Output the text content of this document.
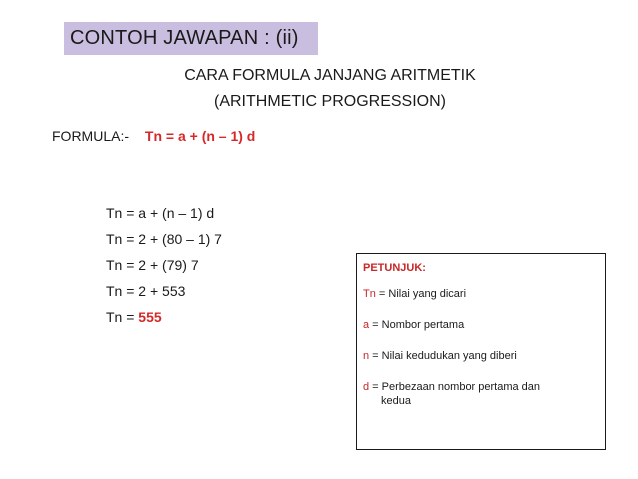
CONTOH JAWAPAN : (ii)
CARA FORMULA JANJANG ARITMETIK
(ARITHMETIC PROGRESSION)
FORMULA:- Tn = a + (n – 1) d
Tn = a + (n – 1) d
Tn = 2 + (80 – 1) 7
Tn = 2 + (79) 7
Tn = 2 + 553
Tn = 555
PETUNJUK:
Tn = Nilai yang dicari
a = Nombor pertama
n = Nilai kedudukan yang diberi
d = Perbezaan nombor pertama dan
kedua
